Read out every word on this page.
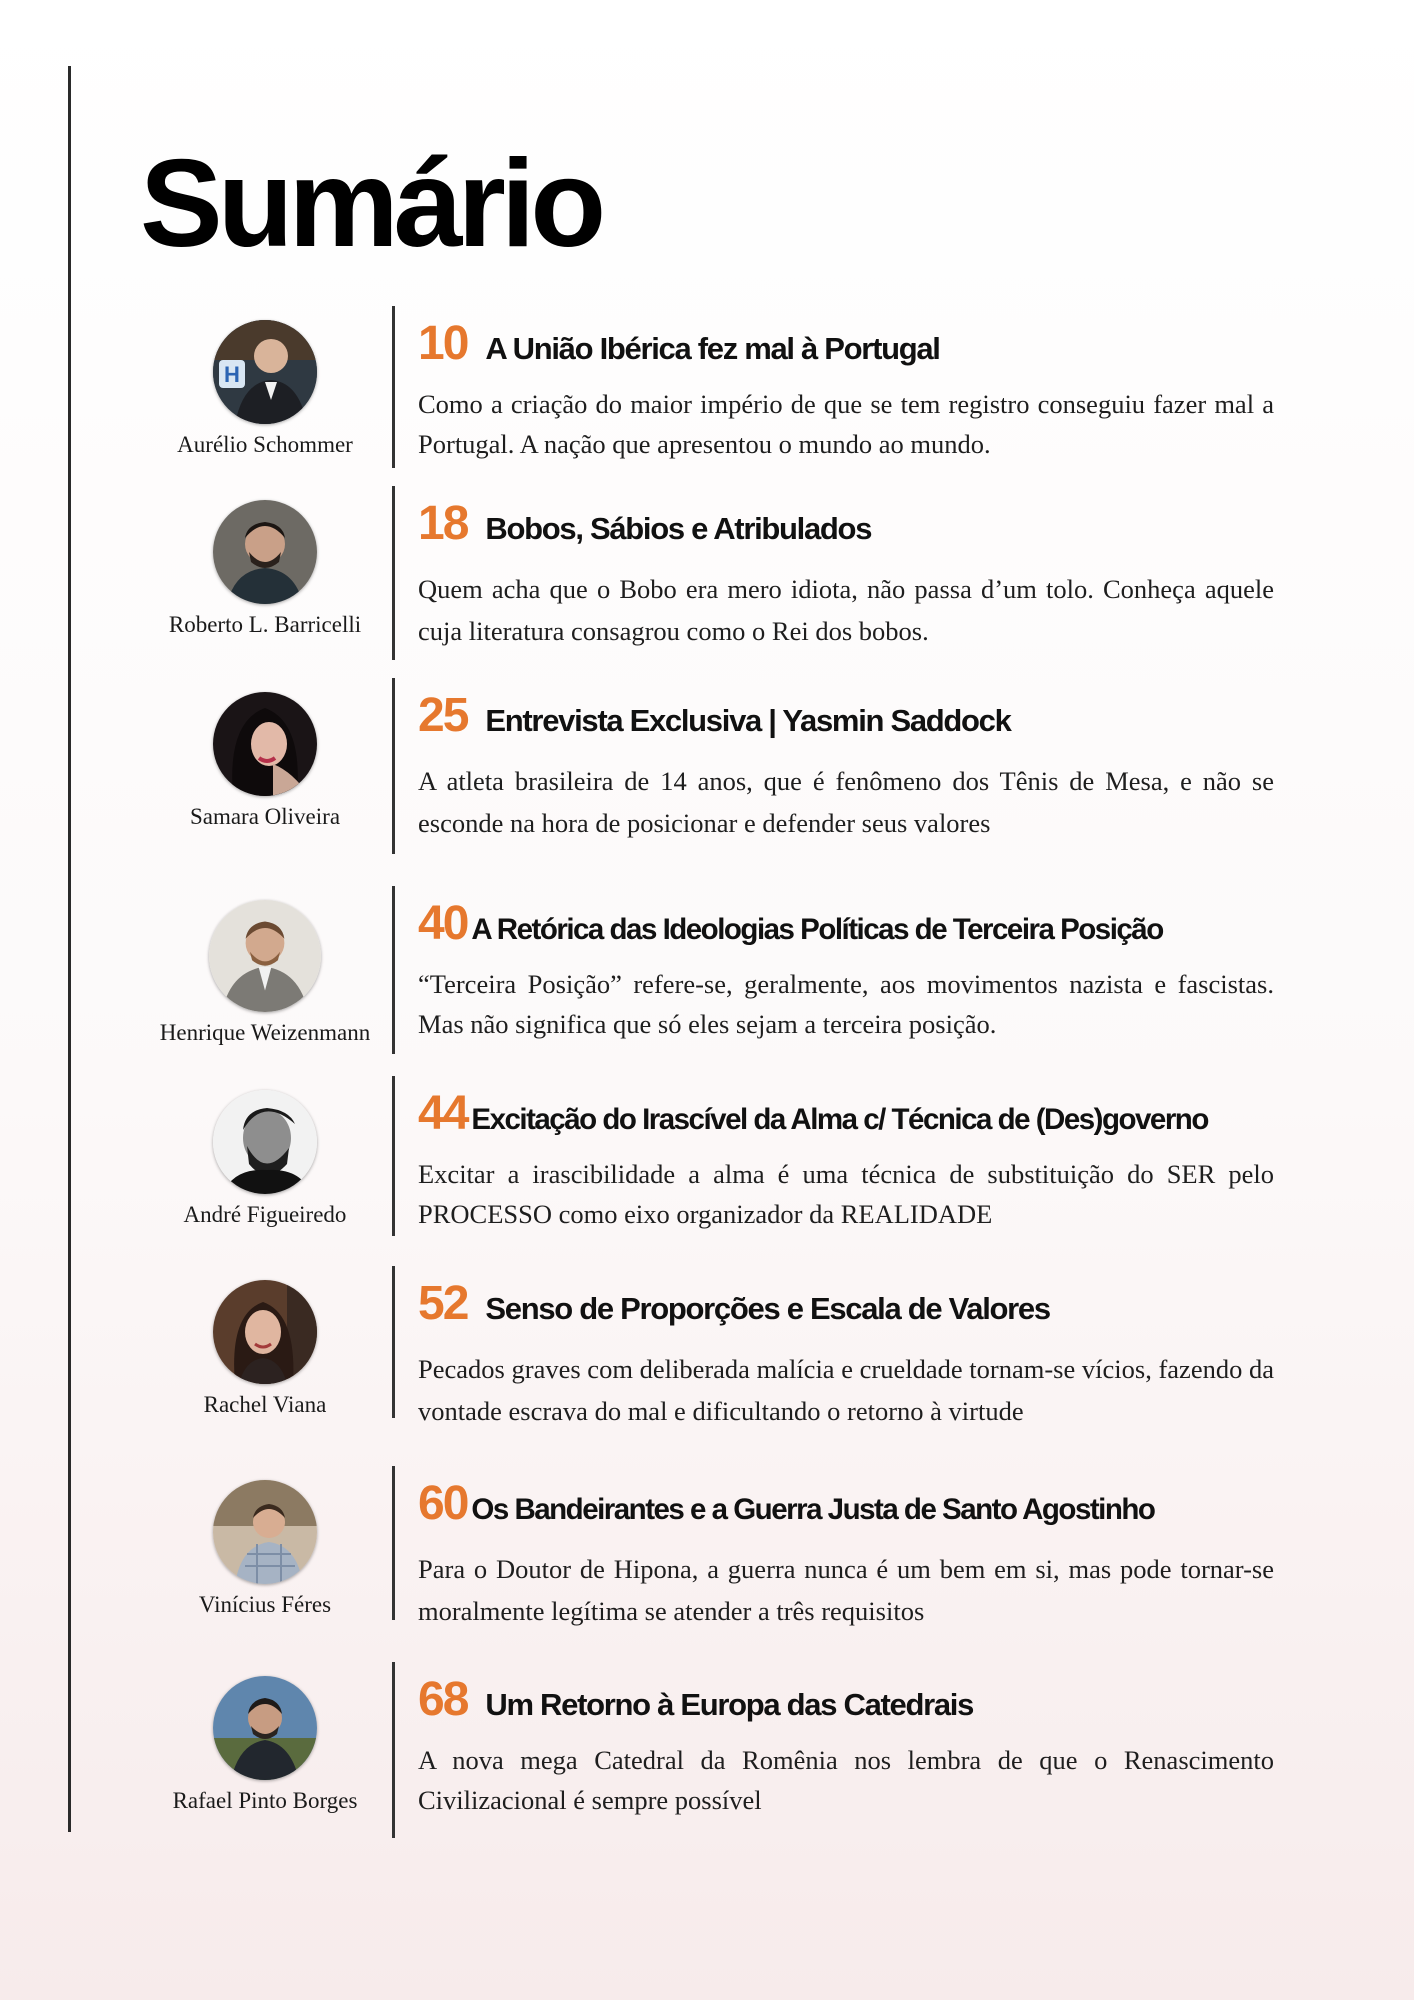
Sumário
H
Aurélio Schommer
10 A União Ibérica fez mal à Portugal

Como a criação do maior império de que se tem registro conseguiu fazer mal a Portugal. A nação que apresentou o mundo ao mundo.

Roberto L. Barricelli
18 Bobos, Sábios e Atribulados

Quem acha que o Bobo era mero idiota, não passa d’um tolo. Conheça aquele cuja literatura consagrou como o Rei dos bobos.

Samara Oliveira
25 Entrevista Exclusiva | Yasmin Saddock

A atleta brasileira de 14 anos, que é fenômeno dos Tênis de Mesa, e não se esconde na hora de posicionar e defender seus valores

Henrique Weizenmann
40 A Retórica das Ideologias Políticas de Terceira Posição

“Terceira Posição” refere-se, geralmente, aos movimentos nazista e fascistas. Mas não significa que só eles sejam a terceira posição.

André Figueiredo
44 Excitação do Irascível da Alma c/ Técnica de (Des)governo

Excitar a irascibilidade a alma é uma técnica de substituição do SER pelo PROCESSO como eixo organizador da REALIDADE

Rachel Viana
52 Senso de Proporções e Escala de Valores

Pecados graves com deliberada malícia e crueldade tornam-se vícios, fazendo da vontade escrava do mal e dificultando o retorno à virtude

Vinícius Féres
60 Os Bandeirantes e a Guerra Justa de Santo Agostinho

Para o Doutor de Hipona, a guerra nunca é um bem em si, mas pode tornar-se moralmente legítima se atender a três requisitos

Rafael Pinto Borges
68 Um Retorno à Europa das Catedrais

A nova mega Catedral da Romênia nos lembra de que o Renascimento Civilizacional é sempre possível
